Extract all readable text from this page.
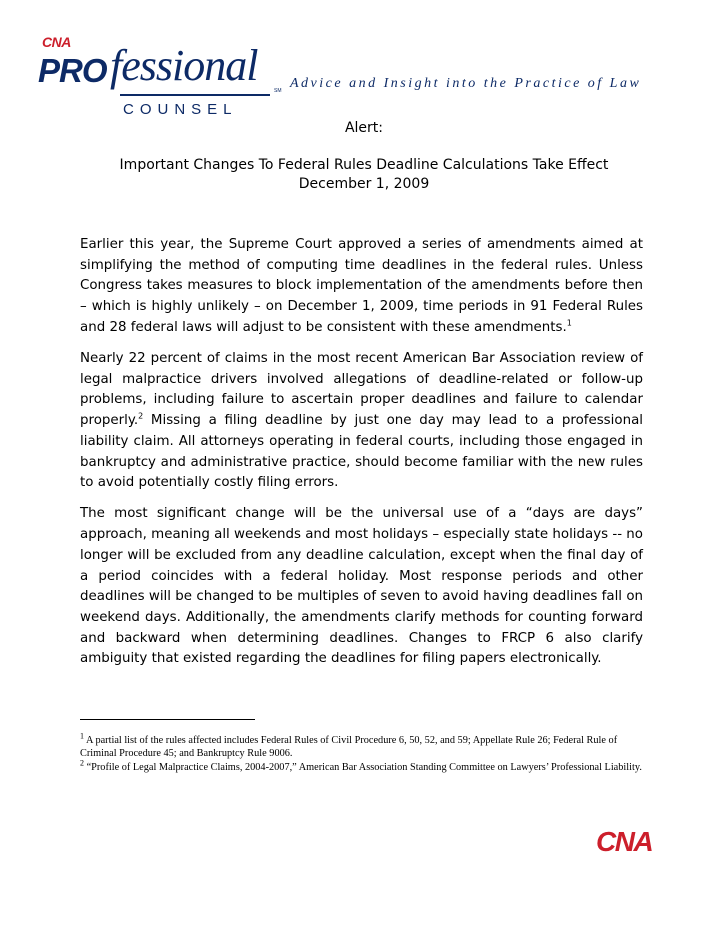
CNA
PRO fessional
COUNSEL
SM Advice and Insight into the Practice of Law
Alert:
Important Changes To Federal Rules Deadline Calculations Take Effect
December 1, 2009

Earlier this year, the Supreme Court approved a series of amendments aimed at simplifying the method of computing time deadlines in the federal rules. Unless Congress takes measures to block implementation of the amendments before then – which is highly unlikely – on December 1, 2009, time periods in 91 Federal Rules and 28 federal laws will adjust to be consistent with these amendments.$^1$

Nearly 22 percent of claims in the most recent American Bar Association review of legal malpractice drivers involved allegations of deadline-related or follow-up problems, including failure to ascertain proper deadlines and failure to calendar properly.$^2$ Missing a filing deadline by just one day may lead to a professional liability claim. All attorneys operating in federal courts, including those engaged in bankruptcy and administrative practice, should become familiar with the new rules to avoid potentially costly filing errors.

The most significant change will be the universal use of a “days are days” approach, meaning all weekends and most holidays – especially state holidays -- no longer will be excluded from any deadline calculation, except when the final day of a period coincides with a federal holiday. Most response periods and other deadlines will be changed to be multiples of seven to avoid having deadlines fall on weekend days. Additionally, the amendments clarify methods for counting forward and backward when determining deadlines. Changes to FRCP 6 also clarify ambiguity that existed regarding the deadlines for filing papers electronically.

$^1$ A partial list of the rules affected includes Federal Rules of Civil Procedure 6, 50, 52, and 59; Appellate Rule 26; Federal Rule of Criminal Procedure 45; and Bankruptcy Rule 9006.

$^2$ “Profile of Legal Malpractice Claims, 2004-2007,” American Bar Association Standing Committee on Lawyers’ Professional Liability.

CNA
